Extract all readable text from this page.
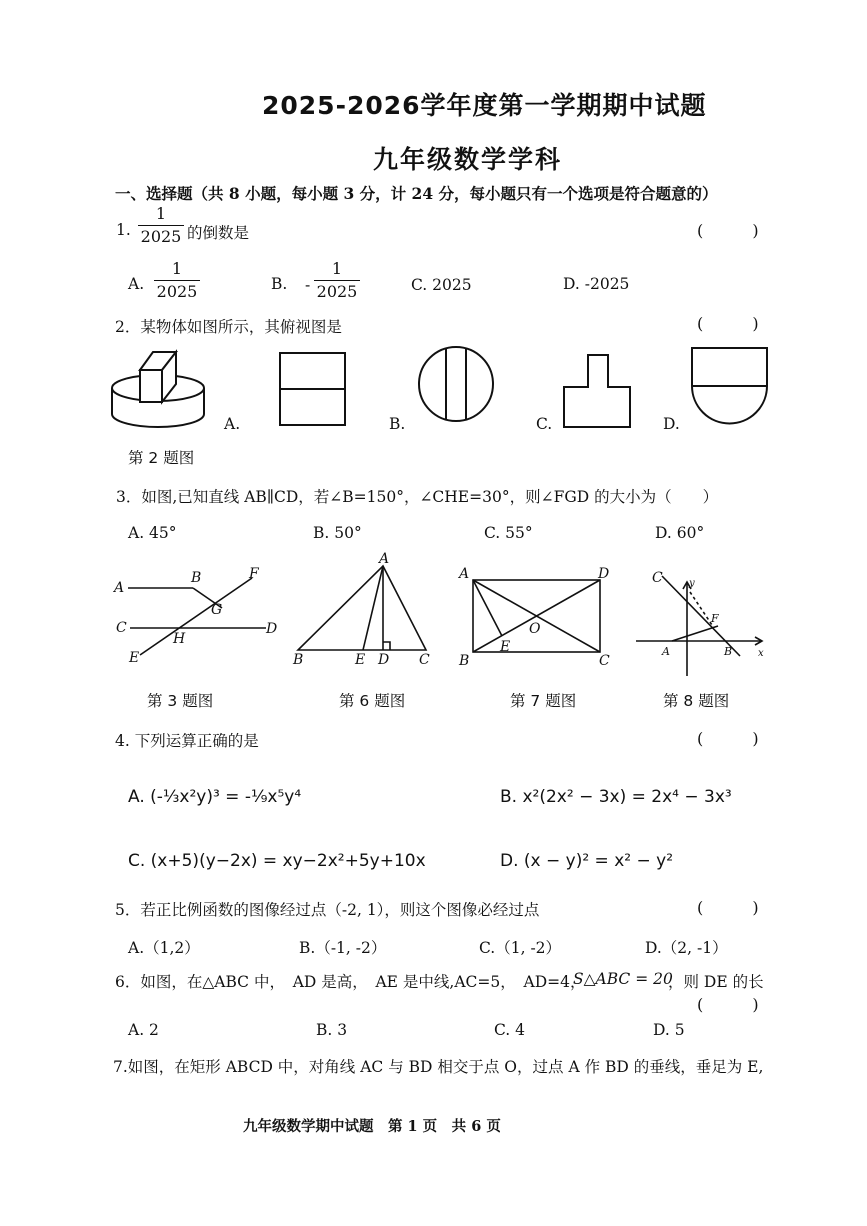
2025-2026学年度第一学期期中试题
九年级数学学科
一、选择题（共 8 小题，每小题 3 分，计 24 分，每小题只有一个选项是符合题意的）
1.
1
2025 的倒数是	( )
A.
1
2025	B. -
1
2025	C. 2025	D. -2025
2．某物体如图所示，其俯视图是	( )
A.	B.	C.	D.
第 2 题图
3．如图,已知直线 AB∥CD，若∠B=150°，∠CHE=30°，则∠FGD 的大小为（　　）
A. 45°	B. 50°	C. 55°	D. 60°
A
B	F
G
C
H
D
E
A
B	E D C
A	D
O
E
B	C
C	y
F
A	B	x
第 3 题图	第 6 题图	第 7 题图	第 8 题图
4. 下列运算正确的是	( )
A. (-⅓x²y)³ = -¹⁄₉x⁵y⁴	B. x²(2x² − 3x) = 2x⁴ − 3x³
C. (x+5)(y−2x) = xy−2x²+5y+10x	D. (x − y)² = x² − y²
5．若正比例函数的图像经过点（-2, 1），则这个图像必经过点	( )
A.（1,2）	B.（-1, -2）	C.（1, -2）	D.（2, -1）
6．如图，在△ABC 中，　AD 是高，　AE 是中线,AC=5，　AD=4，
S△ABC = 20
，则 DE 的长
( )
A. 2	B. 3	C. 4	D. 5
7.如图，在矩形 ABCD 中，对角线 AC 与 BD 相交于点 O，过点 A 作 BD 的垂线，垂足为 E,
九年级数学期中试题　第 1 页　共 6 页
